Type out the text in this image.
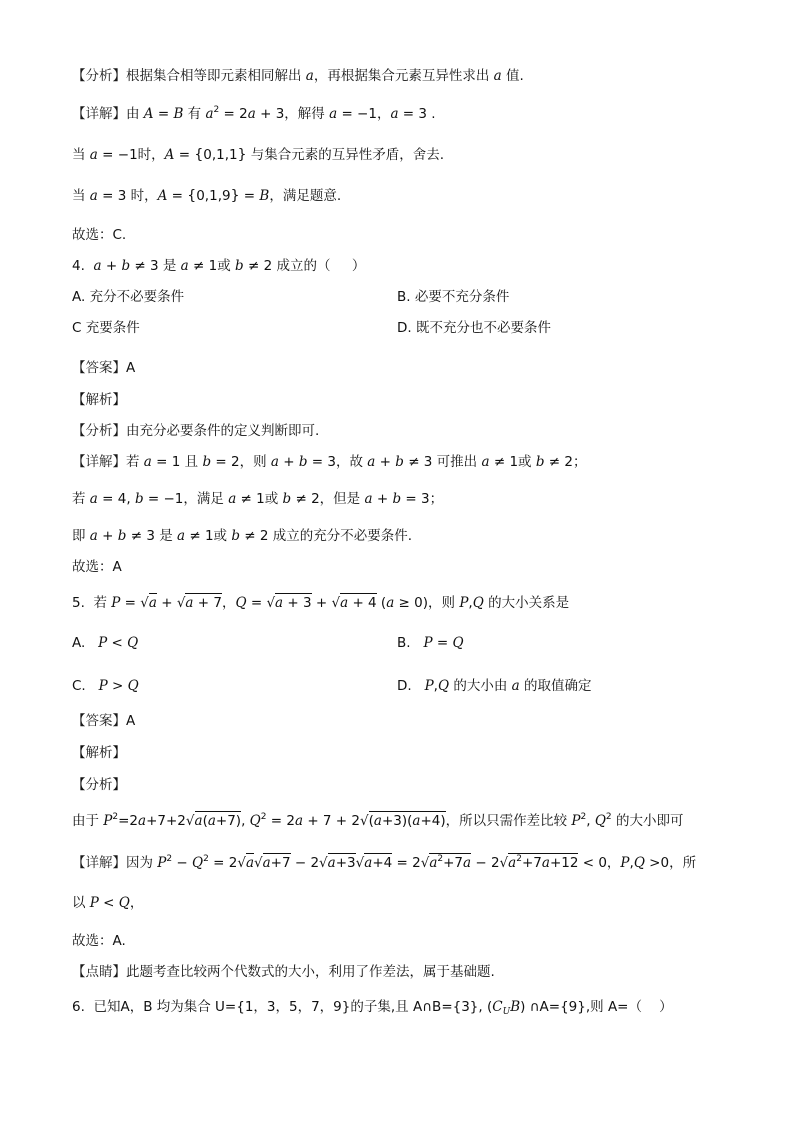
【分析】根据集合相等即元素相同解出 a，再根据集合元素互异性求出 a 值.
【详解】由 A = B 有 $a^2 = 2a + 3$，解得 a = −1，a = 3 .
当 a = −1时，A = {0,1,1} 与集合元素的互异性矛盾，舍去.
当 a = 3 时，A = {0,1,9} = B，满足题意.
故选：C.
4.  a + b ≠ 3 是 a ≠ 1或 b ≠ 2 成立的（     ）
A. 充分不必要条件	B. 必要不充分条件
C 充要条件	D. 既不充分也不必要条件
【答案】A
【解析】
【分析】由充分必要条件的定义判断即可.
【详解】若 a = 1 且 b = 2，则 a + b = 3，故 a + b ≠ 3 可推出 a ≠ 1或 b ≠ 2；
若 a = 4, b = −1，满足 a ≠ 1或 b ≠ 2，但是 a + b = 3；
即 a + b ≠ 3 是 a ≠ 1或 b ≠ 2 成立的充分不必要条件.
故选：A
5.  若 P = √a + √a + 7，Q = √a + 3 + √a + 4 (a ≥ 0)，则 P,Q 的大小关系是
A.   P < Q	B.   P = Q
C.   P > Q	D.   P,Q 的大小由 a 的取值确定
【答案】A
【解析】
【分析】
由于 $P^2=2a+7+2√a(a+7)$, $Q^2 = 2a + 7 + 2√(a+3)(a+4)$，所以只需作差比较 $P^2$, $Q^2$ 的大小即可
【详解】因为 $P^2 - Q^2 = 2√a√a+7 - 2√a+3√a+4 = 2√a^2+7a - 2√a^2+7a+12 < 0$，P,Q >0，所
以 P < Q，
故选：A.
【点睛】此题考查比较两个代数式的大小，利用了作差法，属于基础题.
6.  已知A，B 均为集合 U={1，3，5，7，9}的子集,且 A∩B={3}, $(C_UB)$ ∩A={9},则 A=（    ）
